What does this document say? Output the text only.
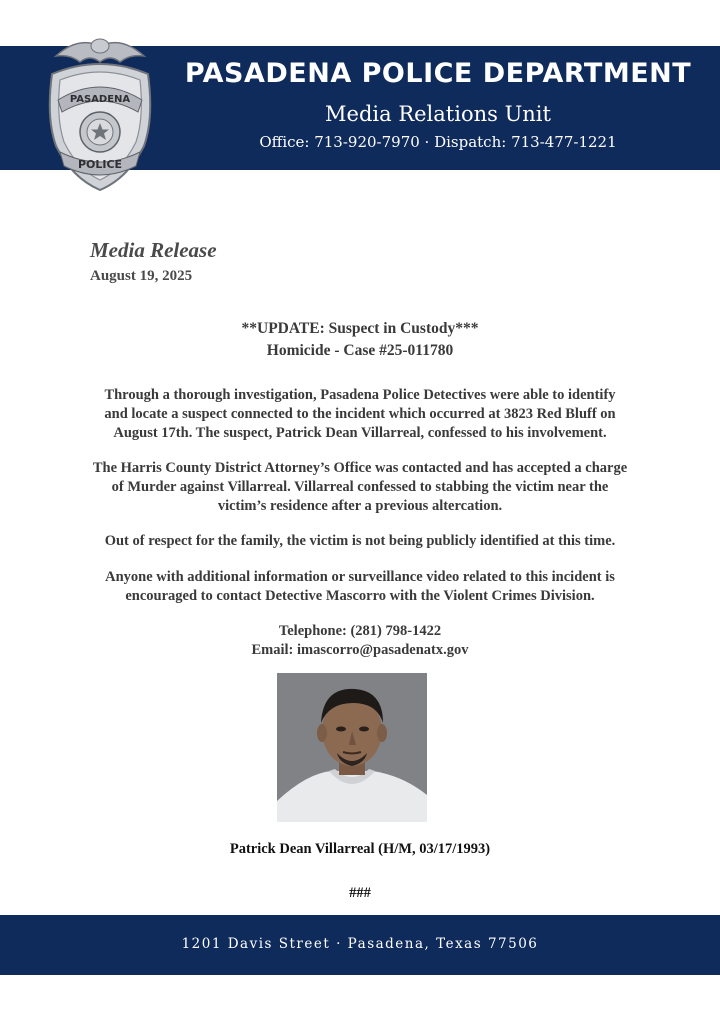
PASADENA
POLICE
PASADENA POLICE DEPARTMENT
Media Relations Unit
Office: 713-920-7970 · Dispatch: 713-477-1221
Media Release
August 19, 2025
**UPDATE: Suspect in Custody***
Homicide - Case #25-011780
Through a thorough investigation, Pasadena Police Detectives were able to identify
and locate a suspect connected to the incident which occurred at 3823 Red Bluff on
August 17th. The suspect, Patrick Dean Villarreal, confessed to his involvement.
The Harris County District Attorney’s Office was contacted and has accepted a charge
of Murder against Villarreal. Villarreal confessed to stabbing the victim near the
victim’s residence after a previous altercation.
Out of respect for the family, the victim is not being publicly identified at this time.
Anyone with additional information or surveillance video related to this incident is
encouraged to contact Detective Mascorro with the Violent Crimes Division.
Telephone: (281) 798-1422
Email: imascorro@pasadenatx.gov
Patrick Dean Villarreal (H/M, 03/17/1993)
###
1201 Davis Street · Pasadena, Texas 77506
